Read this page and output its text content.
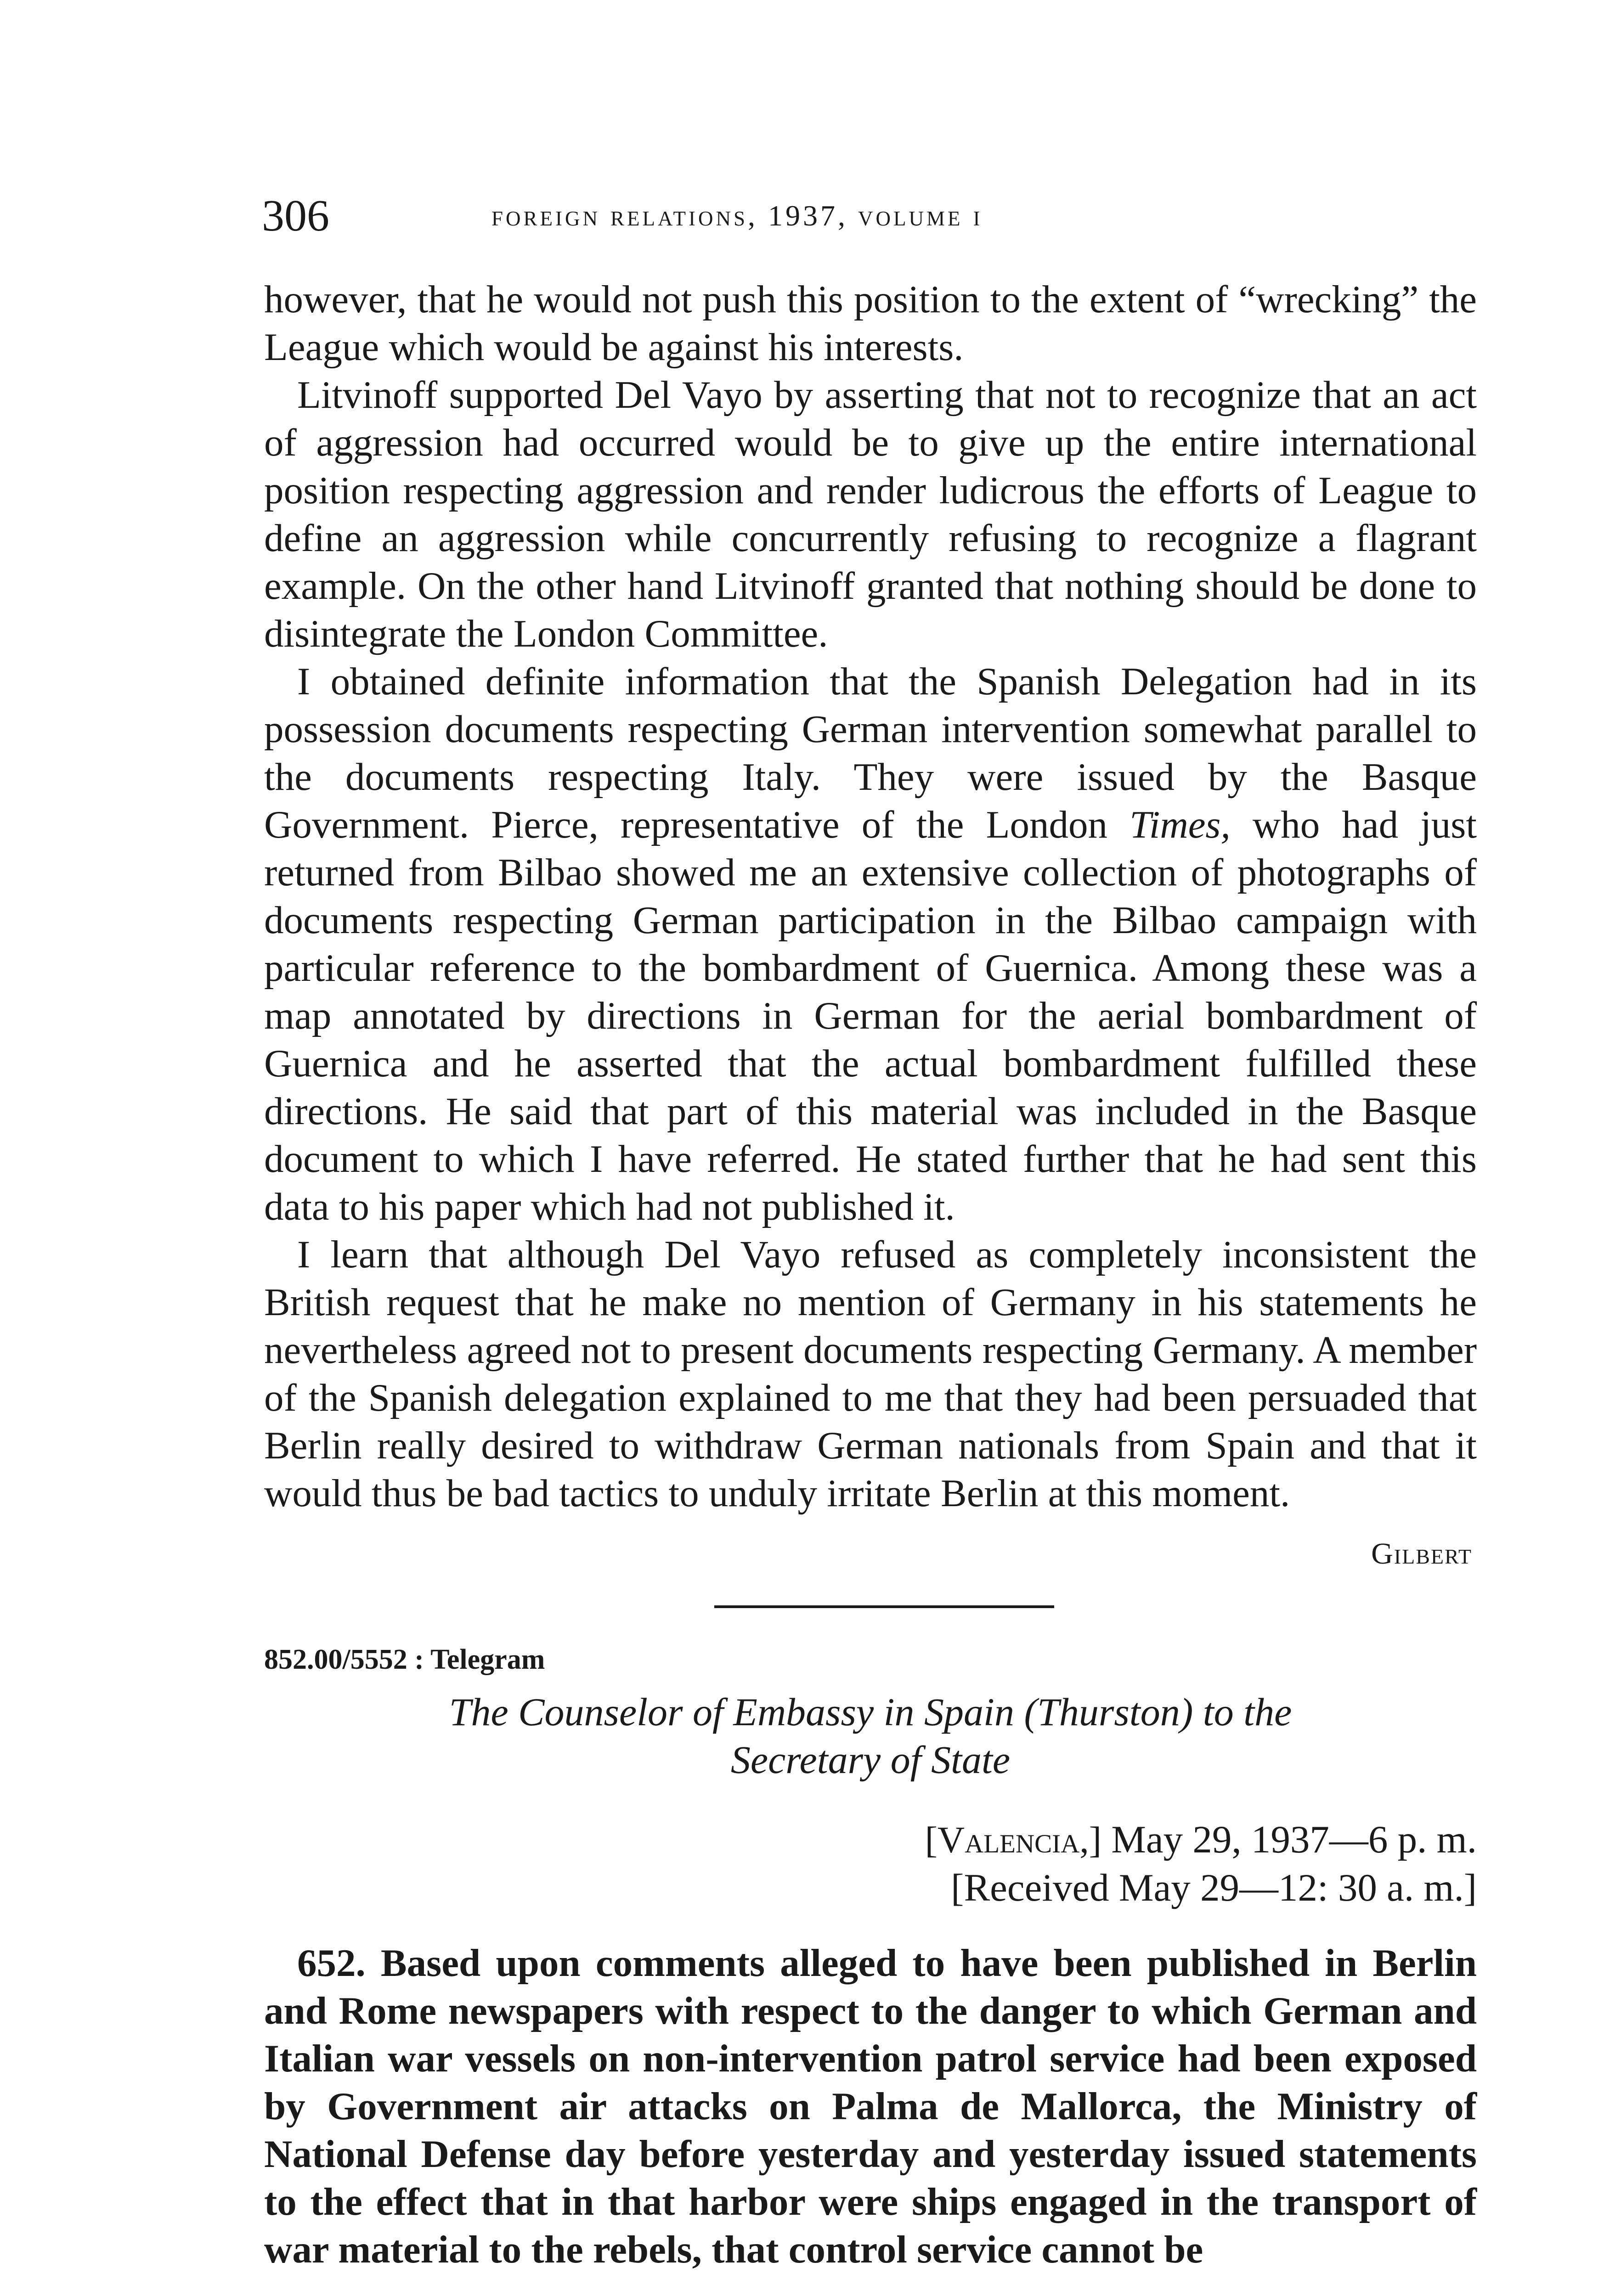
306	foreign relations, 1937, volume i

however, that he would not push this position to the extent of “wrecking” the League which would be against his interests.

Litvinoff supported Del Vayo by asserting that not to recognize that an act of aggression had occurred would be to give up the entire international position respecting aggression and render ludicrous the efforts of League to define an aggression while concurrently refusing to recognize a flagrant example. On the other hand Litvinoff granted that nothing should be done to disintegrate the London Committee.

I obtained definite information that the Spanish Delegation had in its possession documents respecting German intervention somewhat parallel to the documents respecting Italy. They were issued by the Basque Government. Pierce, representative of the London Times, who had just returned from Bilbao showed me an extensive collection of photographs of documents respecting German participation in the Bilbao campaign with particular reference to the bombardment of Guernica. Among these was a map annotated by directions in German for the aerial bombardment of Guernica and he asserted that the actual bombardment fulfilled these directions. He said that part of this material was included in the Basque document to which I have referred. He stated further that he had sent this data to his paper which had not published it.

I learn that although Del Vayo refused as completely inconsistent the British request that he make no mention of Germany in his statements he nevertheless agreed not to present documents respecting Germany. A member of the Spanish delegation explained to me that they had been persuaded that Berlin really desired to withdraw German nationals from Spain and that it would thus be bad tactics to unduly irritate Berlin at this moment.

Gilbert
852.00/5552 : Telegram
The Counselor of Embassy in Spain (Thurston) to the
Secretary of State
[Valencia,] May 29, 1937—6 p. m.
[Received May 29—12: 30 a. m.]

652. Based upon comments alleged to have been published in Berlin and Rome newspapers with respect to the danger to which German and Italian war vessels on non-intervention patrol service had been exposed by Government air attacks on Palma de Mallorca, the Ministry of National Defense day before yesterday and yesterday issued statements to the effect that in that harbor were ships engaged in the transport of war material to the rebels, that control service cannot be
